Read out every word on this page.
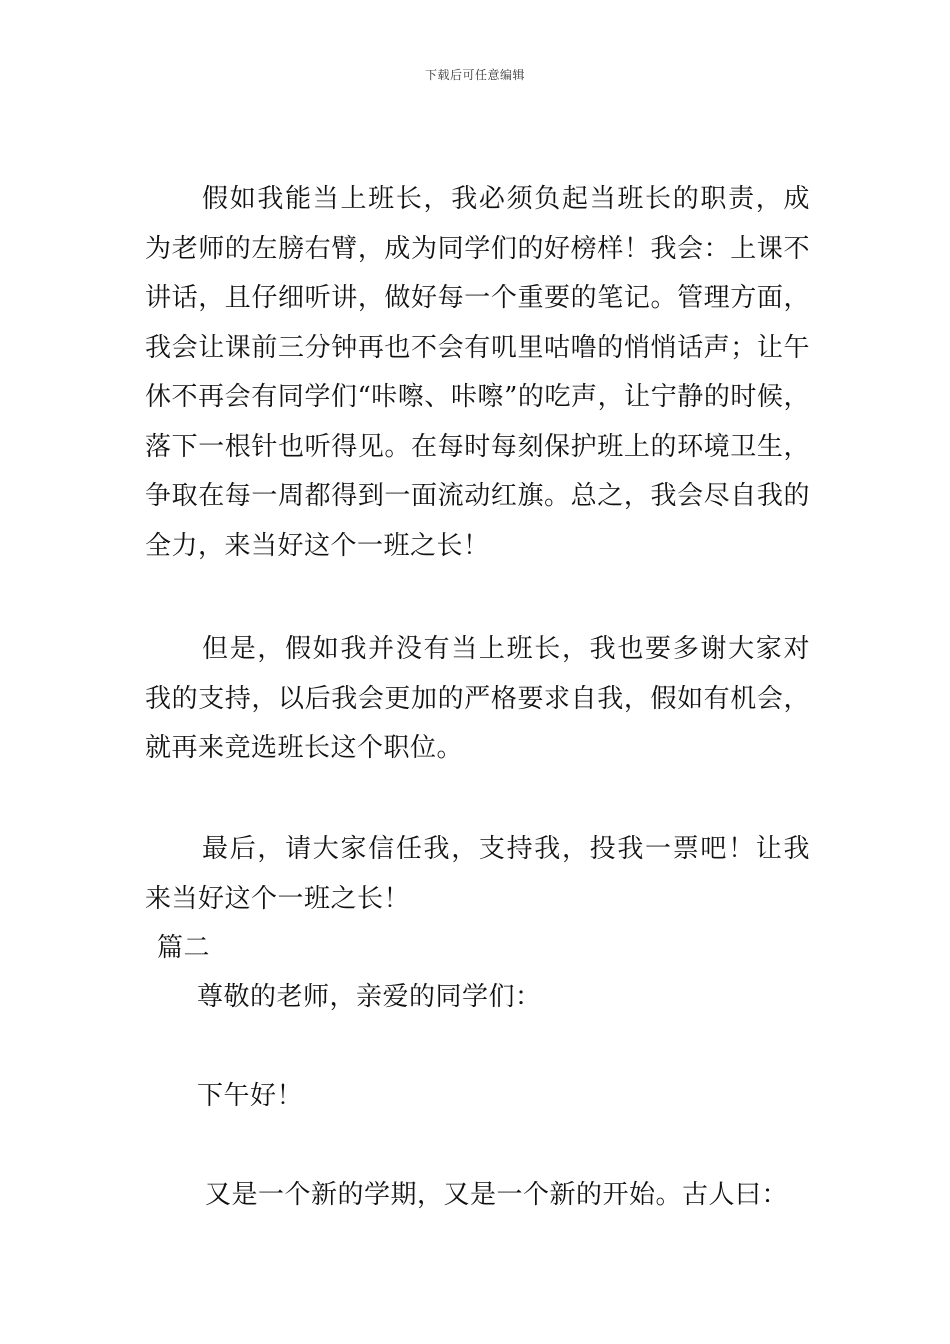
下载后可任意编辑

假如我能当上班长，我必须负起当班长的职责，成为老师的左膀右臂，成为同学们的好榜样！我会：上课不讲话，且仔细听讲，做好每一个重要的笔记。管理方面，我会让课前三分钟再也不会有叽里咕噜的悄悄话声；让午休不再会有同学们“咔嚓、咔嚓”的吃声，让宁静的时候，落下一根针也听得见。在每时每刻保护班上的环境卫生，争取在每一周都得到一面流动红旗。总之，我会尽自我的全力，来当好这个一班之长！

但是，假如我并没有当上班长，我也要多谢大家对我的支持，以后我会更加的严格要求自我，假如有机会，就再来竞选班长这个职位。

最后，请大家信任我，支持我，投我一票吧！让我来当好这个一班之长！

篇二

尊敬的老师，亲爱的同学们：

下午好！

又是一个新的学期，又是一个新的开始。古人曰：
